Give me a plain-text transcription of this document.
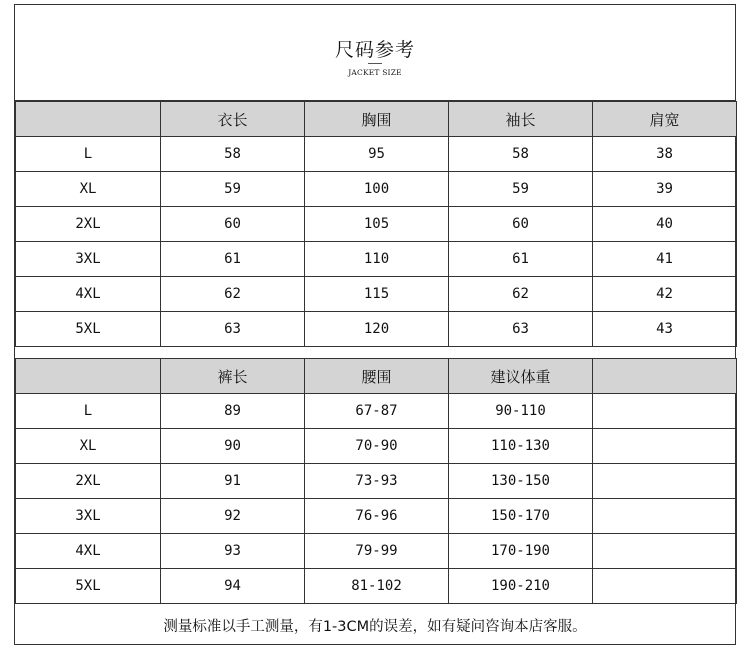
尺码参考
JACKET SIZE
	衣长	胸围	袖长	肩宽
L	58	95	58	38
XL	59	100	59	39
2XL	60	105	60	40
3XL	61	110	61	41
4XL	62	115	62	42
5XL	63	120	63	43
	裤长	腰围	建议体重	
L	89	67-87	90-110	
XL	90	70-90	110-130	
2XL	91	73-93	130-150	
3XL	92	76-96	150-170	
4XL	93	79-99	170-190	
5XL	94	81-102	190-210	
测量标准以手工测量，有1-3CM的误差，如有疑问咨询本店客服。
